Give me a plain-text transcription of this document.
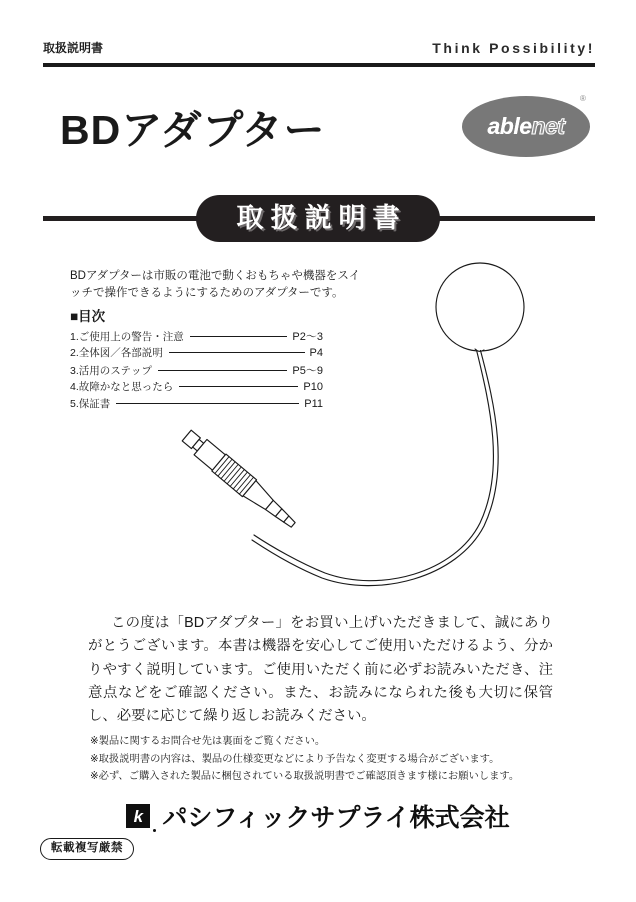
取扱説明書	Think Possibility!
BDアダプター	able net
®
取扱説明書
BDアダプターは市販の電池で動くおもちゃや機器をスイッチで操作できるようにするためのアダプターです。
■目次
1.ご使用上の警告・注意	P2～3
2.全体図／各部説明	P4
3.活用のステップ	P5～9
4.故障かなと思ったら	P10
5.保証書	P11
この度は「BDアダプター」をお買い上げいただきまして、誠にありがとうございます。本書は機器を安心してご使用いただけるよう、分かりやすく説明しています。ご使用いただく前に必ずお読みいただき、注意点などをご確認ください。また、お読みになられた後も大切に保管し、必要に応じて繰り返しお読みください。
※製品に関するお問合せ先は裏面をご覧ください。
※取扱説明書の内容は、製品の仕様変更などにより予告なく変更する場合がございます。
※必ず、ご購入された製品に梱包されている取扱説明書でご確認頂きます様にお願いします。
k パシフィックサプライ株式会社
転載複写厳禁
